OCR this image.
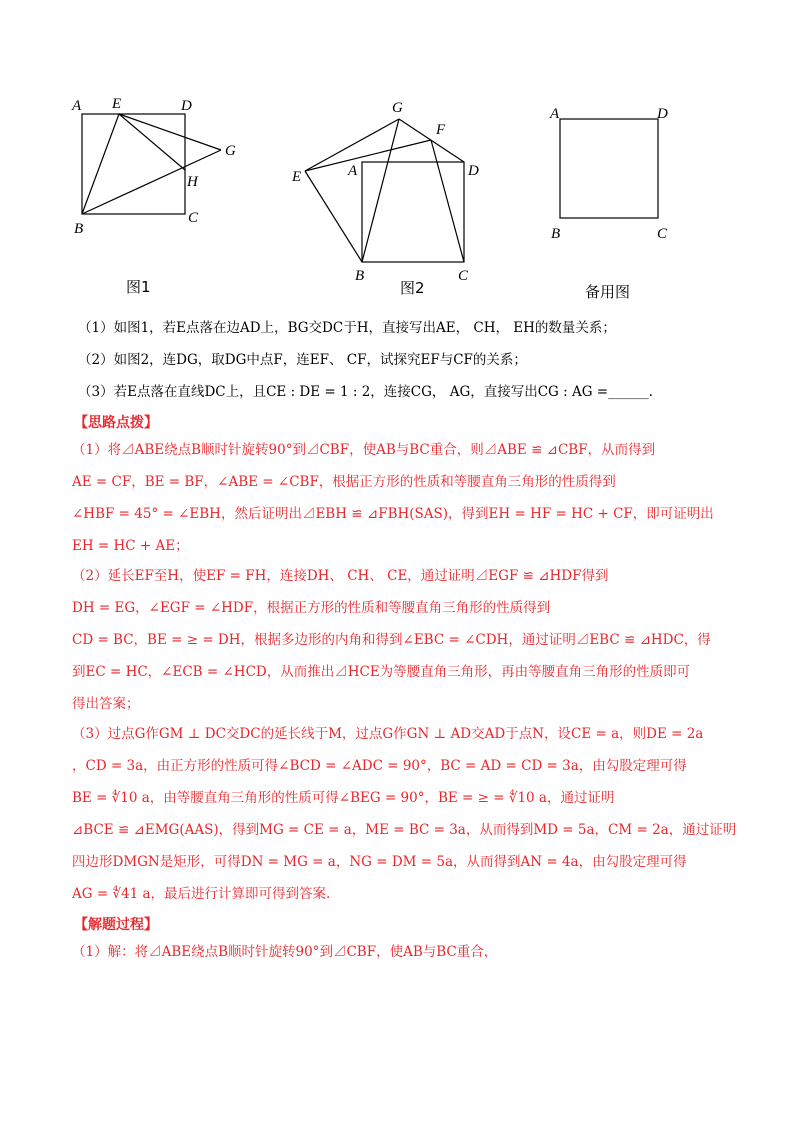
A E	D
G
H
B
C
图1
G
F
E	A	D
B	C
图2
A	D
B	C
备用图
（1）如图1，若E点落在边AD上，BG交DC于H，直接写出AE， CH， EH的数量关系；
（2）如图2，连DG，取DG中点F，连EF、 CF，试探究EF与CF的关系；
（3）若E点落在直线DC上，且CE : DE = 1 : 2，连接CG， AG，直接写出CG : AG =______.
【思路点拨】
（1）将⊿ABE绕点B顺时针旋转90°到⊿CBF，使AB与BC重合，则⊿ABE ≌ ⊿CBF，从而得到
AE = CF，BE = BF，∠ABE = ∠CBF，根据正方形的性质和等腰直角三角形的性质得到
∠HBF = 45° = ∠EBH，然后证明出⊿EBH ≌ ⊿FBH(SAS)，得到EH = HF = HC + CF，即可证明出
EH = HC + AE；
（2）延长EF至H，使EF = FH，连接DH、 CH、 CE，通过证明⊿EGF ≌ ⊿HDF得到
DH = EG，∠EGF = ∠HDF，根据正方形的性质和等腰直角三角形的性质得到
CD = BC，BE = ≥ = DH，根据多边形的内角和得到∠EBC = ∠CDH，通过证明⊿EBC ≌ ⊿HDC，得
到EC = HC，∠ECB = ∠HCD，从而推出⊿HCE为等腰直角三角形，再由等腰直角三角形的性质即可
得出答案；
（3）过点G作GM ⊥ DC交DC的延长线于M，过点G作GN ⊥ AD交AD于点N，设CE = a，则DE = 2a
，CD = 3a，由正方形的性质可得∠BCD = ∠ADC = 90°，BC = AD = CD = 3a，由勾股定理可得
BE = ∜10 a，由等腰直角三角形的性质可得∠BEG = 90°，BE = ≥ = ∜10 a，通过证明
⊿BCE ≌ ⊿EMG(AAS)，得到MG = CE = a，ME = BC = 3a，从而得到MD = 5a，CM = 2a，通过证明
四边形DMGN是矩形，可得DN = MG = a，NG = DM = 5a，从而得到AN = 4a，由勾股定理可得
AG = ∜41 a，最后进行计算即可得到答案.
【解题过程】
（1）解：将⊿ABE绕点B顺时针旋转90°到⊿CBF，使AB与BC重合，
